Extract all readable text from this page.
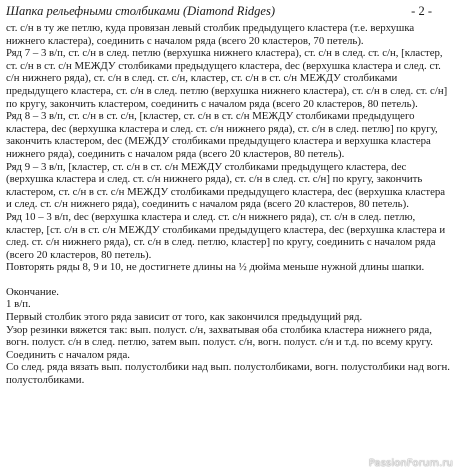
Шапка рельефными столбиками (Diamond Ridges)	- 2 -

ст. с/н в ту же петлю, куда провязан левый столбик предыдущего кластера (т.е. верхушка нижнего кластера), соединить с началом ряда (всего 20 кластеров, 70 петель).

Ряд 7 – 3 в/п, ст. с/н в след. петлю (верхушка нижнего кластера), ст. с/н в след. ст. с/н, [кластер, ст. с/н в ст. с/н МЕЖДУ столбиками предыдущего кластера, dec (верхушка кластера и след. ст. с/н нижнего ряда), ст. с/н в след. ст. с/н, кластер, ст. с/н в ст. с/н МЕЖДУ столбиками предыдущего кластера, ст. с/н в след. петлю (верхушка нижнего кластера), ст. с/н в след. ст. с/н] по кругу, закончить кластером, соединить с началом ряда (всего 20 кластеров, 80 петель).

Ряд 8 – 3 в/п, ст. с/н в ст. с/н, [кластер, ст. с/н в ст. с/н МЕЖДУ столбиками предыдущего кластера, dec (верхушка кластера и след. ст. с/н нижнего ряда), ст. с/н в след. петлю] по кругу, закончить кластером, dec (МЕЖДУ столбиками предыдущего кластера и верхушка кластера нижнего ряда), соединить с началом ряда (всего 20 кластеров, 80 петель).

Ряд 9 – 3 в/п, [кластер, ст. с/н в ст. с/н МЕЖДУ столбиками предыдущего кластера, dec (верхушка кластера и след. ст. с/н нижнего ряда), ст. с/н в след. ст. с/н] по кругу, закончить кластером, ст. с/н в ст. с/н МЕЖДУ столбиками предыдущего кластера, dec (верхушка кластера и след. ст. с/н нижнего ряда), соединить с началом ряда (всего 20 кластеров, 80 петель).

Ряд 10 – 3 в/п, dec (верхушка кластера и след. ст. с/н нижнего ряда), ст. с/н в след. петлю, кластер, [ст. с/н в ст. с/н МЕЖДУ столбиками предыдущего кластера, dec (верхушка кластера и след. ст. с/н нижнего ряда), ст. с/н в след. петлю, кластер] по кругу, соединить с началом ряда (всего 20 кластеров, 80 петель).

Повторять ряды 8, 9 и 10, не достигнете длины на ½ дюйма меньше нужной длины шапки.

Окончание.

1 в/п.

Первый столбик этого ряда зависит от того, как закончился предыдущий ряд.

Узор резинки вяжется так: вып. полуст. с/н, захватывая оба столбика кластера нижнего ряда, вогн. полуст. с/н в след. петлю, затем вып. полуст. с/н, вогн. полуст. с/н и т.д. по всему кругу. Соединить с началом ряда.

Со след. ряда вязать вып. полустолбики над вып. полустолбиками, вогн. полустолбики над вогн. полустолбиками.

PassionForum.ru
